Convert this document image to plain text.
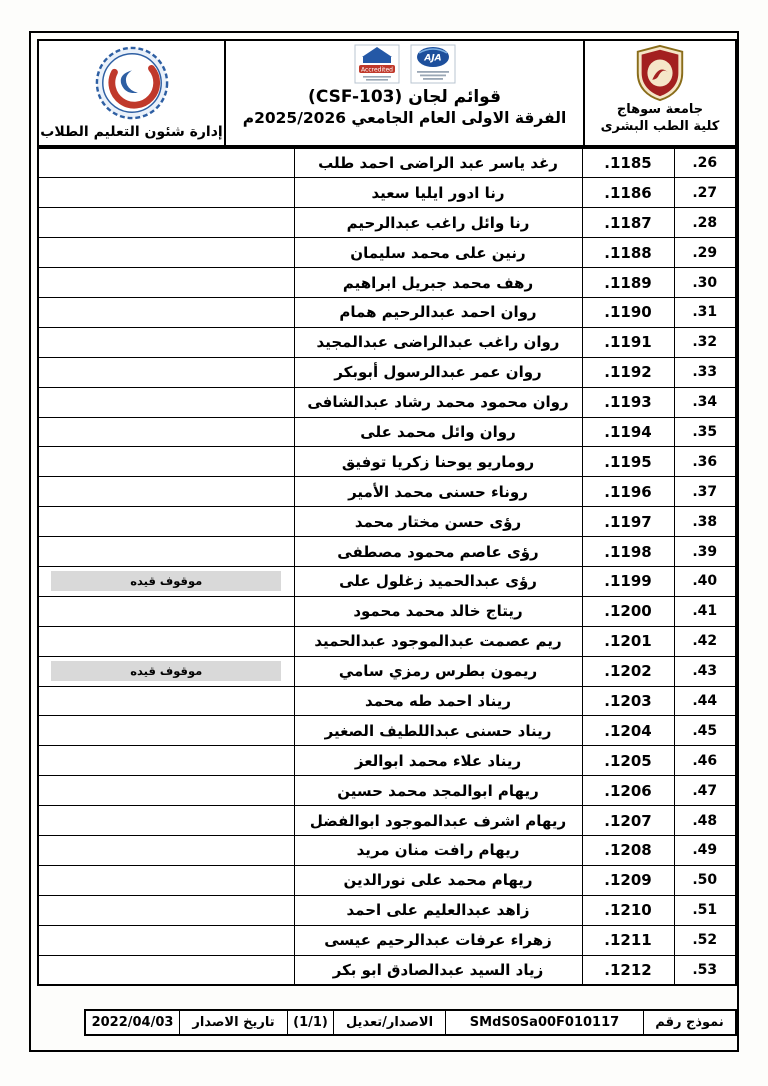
جامعة سوهاج
كلية الطب البشرى
Accredited
AJA
قوائم لجان (CSF-103)
الفرقة الاولى العام الجامعي 2025/2026م
إدارة شئون التعليم الطلاب
26.	1185.	رغد ياسر عبد الراضى احمد طلب	
27.	1186.	رنا ادور ايليا سعيد	
28.	1187.	رنا وائل راغب عبدالرحيم	
29.	1188.	رنين على محمد سليمان	
30.	1189.	رهف محمد جبريل ابراهيم	
31.	1190.	روان احمد عبدالرحيم همام	
32.	1191.	روان راغب عبدالراضى عبدالمجيد	
33.	1192.	روان عمر عبدالرسول أبوبكر	
34.	1193.	روان محمود محمد رشاد عبدالشافى	
35.	1194.	روان وائل محمد على	
36.	1195.	روماريو يوحنا زكريا توفيق	
37.	1196.	روناء حسنى محمد الأمير	
38.	1197.	رؤى حسن مختار محمد	
39.	1198.	رؤى عاصم محمود مصطفى	
40.	1199.	رؤى عبدالحميد زغلول على	موقوف قيده

41.	1200.	ريتاج خالد محمد محمود	
42.	1201.	ريم عصمت عبدالموجود عبدالحميد	
43.	1202.	ريمون بطرس رمزي سامي	موقوف قيده

44.	1203.	ريناد احمد طه محمد	
45.	1204.	ريناد حسنى عبداللطيف الصغير	
46.	1205.	ريناد علاء محمد ابوالعز	
47.	1206.	ريهام ابوالمجد محمد حسين	
48.	1207.	ريهام اشرف عبدالموجود ابوالفضل	
49.	1208.	ريهام رافت منان مريد	
50.	1209.	ريهام محمد على نورالدين	
51.	1210.	زاهد عبدالعليم على احمد	
52.	1211.	زهراء عرفات عبدالرحيم عيسى	
53.	1212.	زياد السيد عبدالصادق ابو بكر	
نموذج رقم
SMdS0Sa00F010117
الاصدار/تعديل
(1/1)
تاريخ الاصدار
2022/04/03
